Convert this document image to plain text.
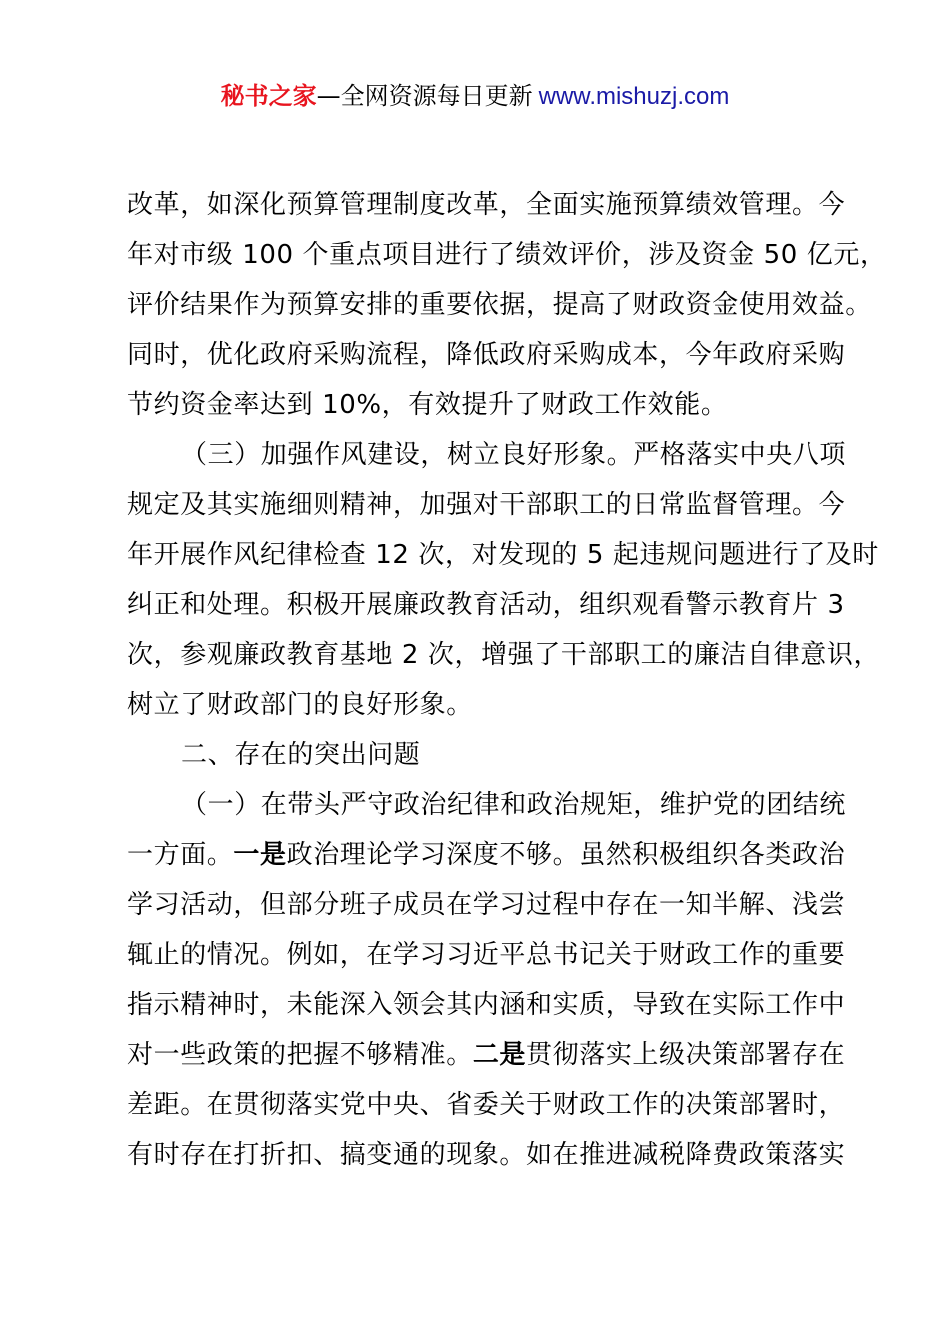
秘书之家—全网资源每日更新 www.mishuzj.com
改革，如深化预算管理制度改革，全面实施预算绩效管理。今
年对市级 100 个重点项目进行了绩效评价，涉及资金 50 亿元，
评价结果作为预算安排的重要依据，提高了财政资金使用效益。
同时，优化政府采购流程，降低政府采购成本，今年政府采购
节约资金率达到 10%，有效提升了财政工作效能。
（三）加强作风建设，树立良好形象。严格落实中央八项
规定及其实施细则精神，加强对干部职工的日常监督管理。今
年开展作风纪律检查 12 次，对发现的 5 起违规问题进行了及时
纠正和处理。积极开展廉政教育活动，组织观看警示教育片 3
次，参观廉政教育基地 2 次，增强了干部职工的廉洁自律意识，
树立了财政部门的良好形象。
二、存在的突出问题
（一）在带头严守政治纪律和政治规矩，维护党的团结统
一方面。一是政治理论学习深度不够。虽然积极组织各类政治
学习活动，但部分班子成员在学习过程中存在一知半解、浅尝
辄止的情况。例如，在学习习近平总书记关于财政工作的重要
指示精神时，未能深入领会其内涵和实质，导致在实际工作中
对一些政策的把握不够精准。二是贯彻落实上级决策部署存在
差距。在贯彻落实党中央、省委关于财政工作的决策部署时，
有时存在打折扣、搞变通的现象。如在推进减税降费政策落实
